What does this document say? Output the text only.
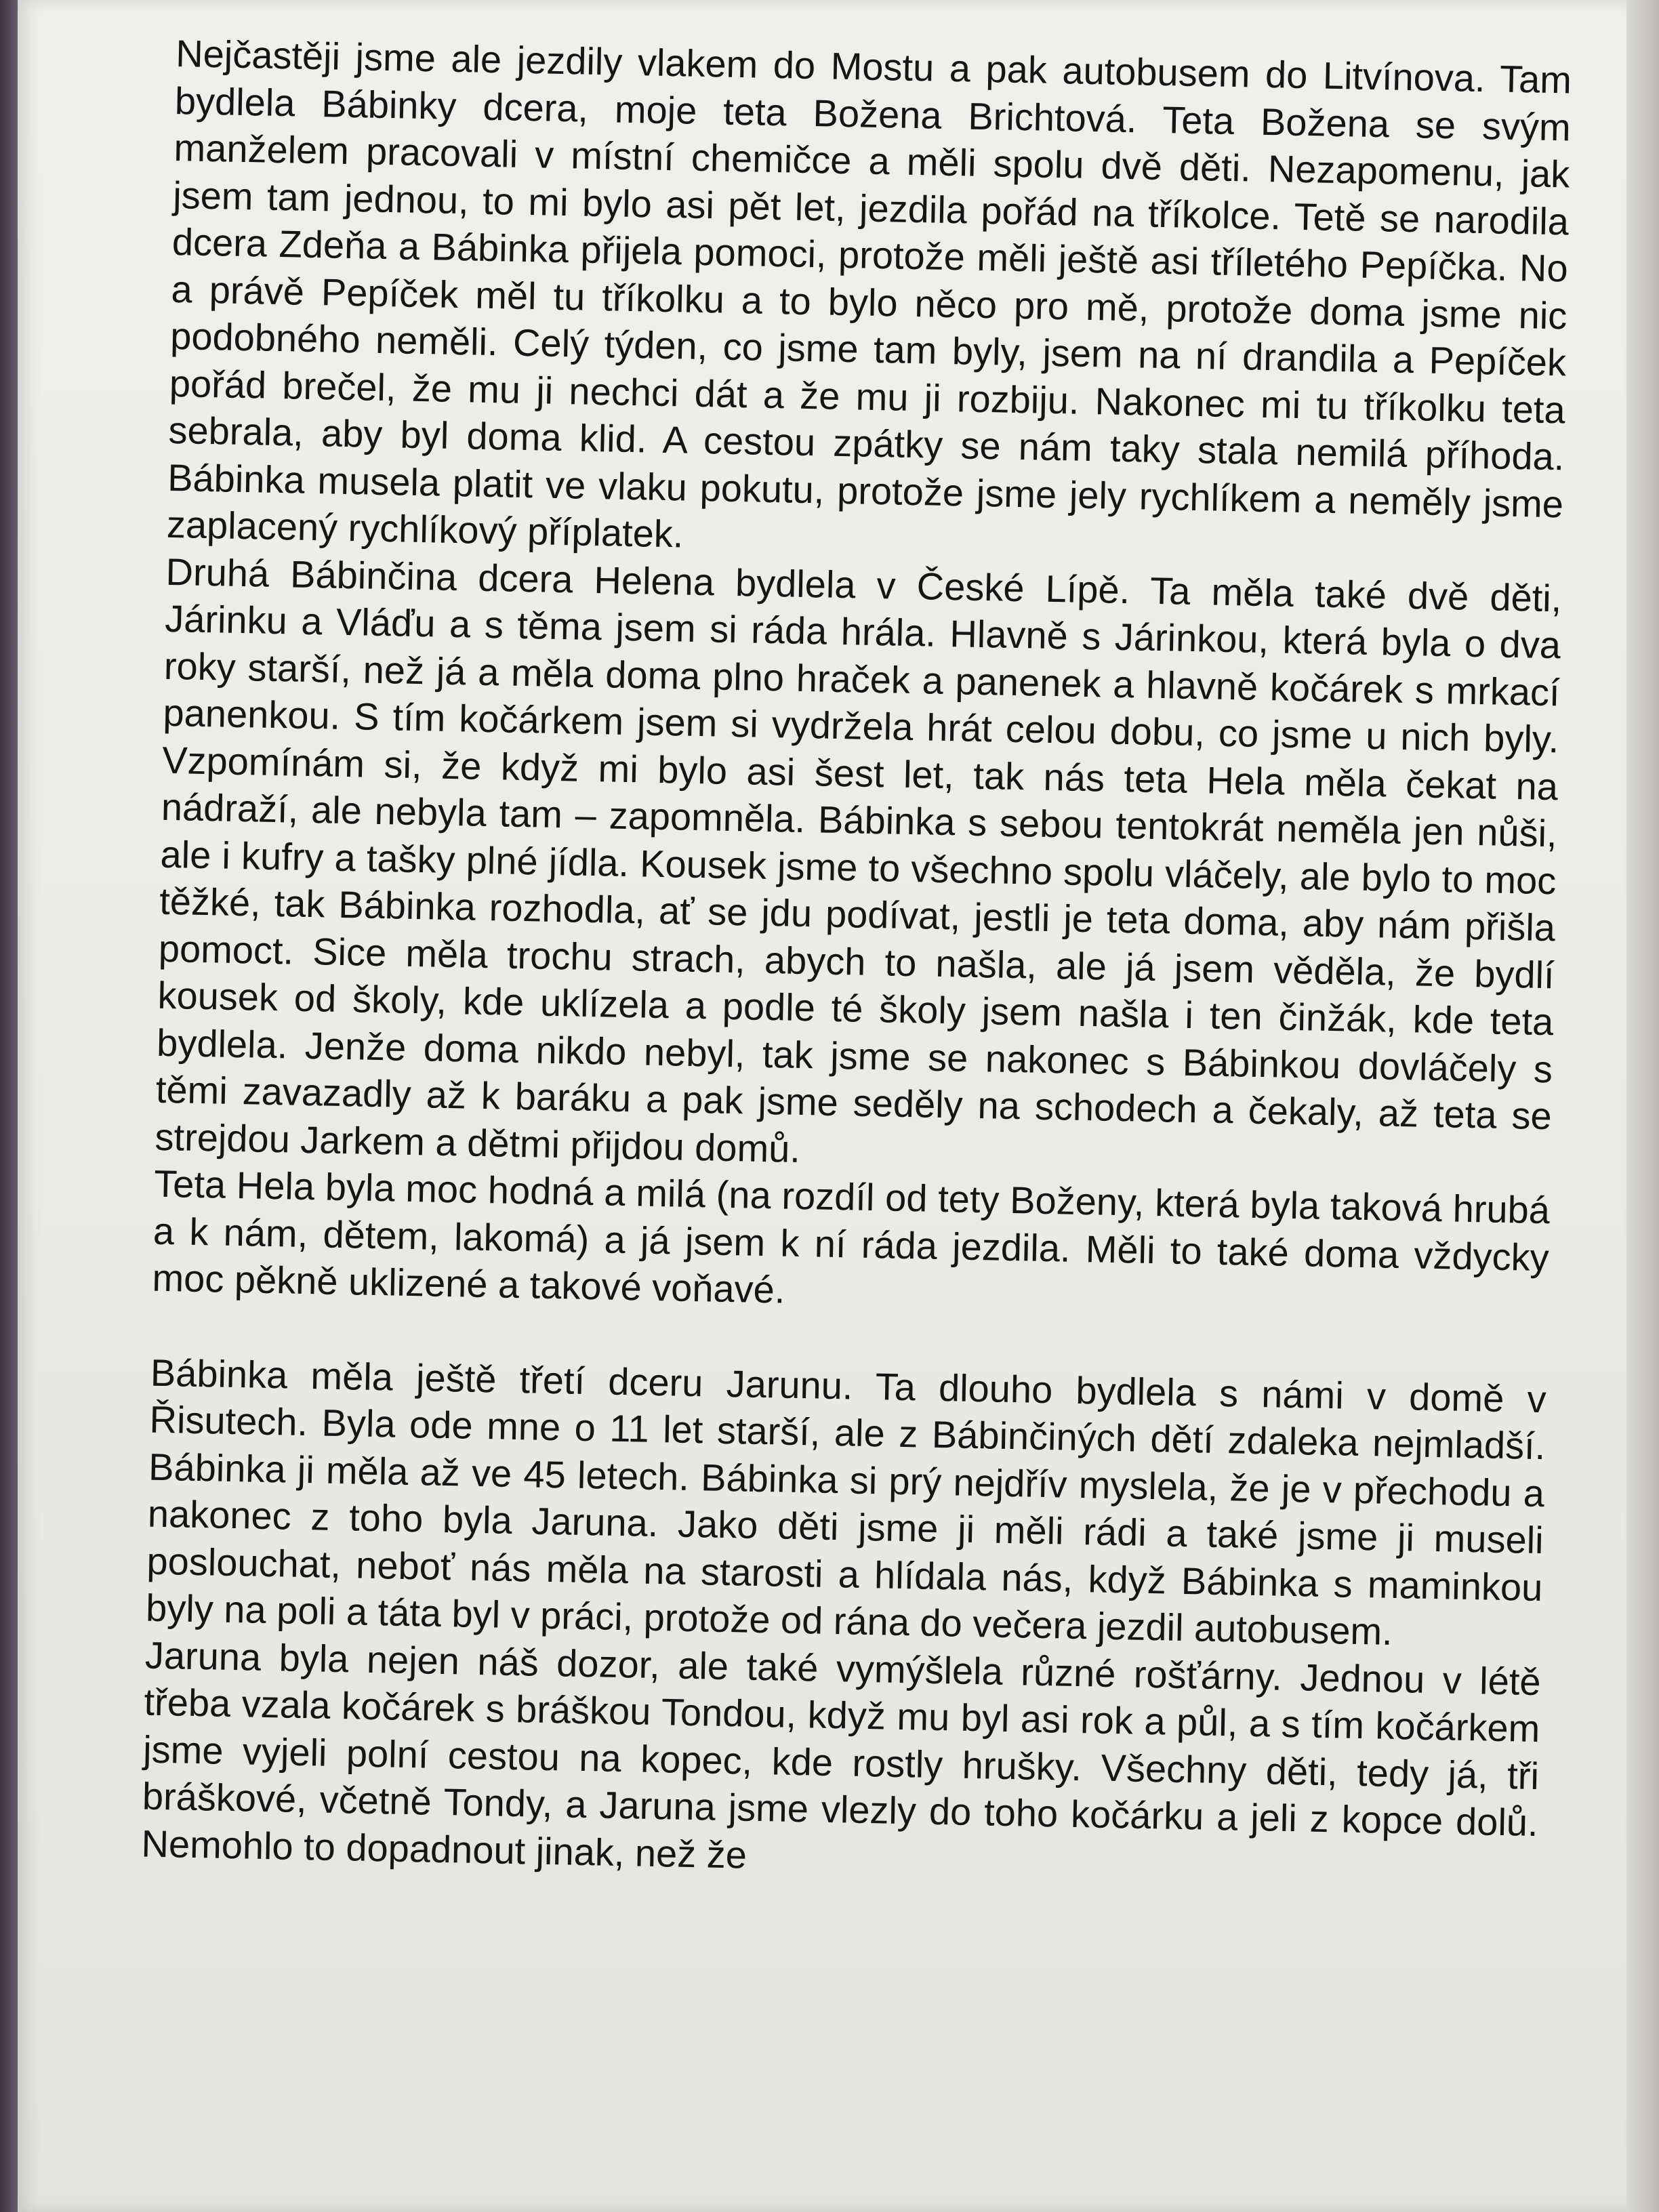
Nejčastěji jsme ale jezdily vlakem do Mostu a pak autobusem do Litvínova. Tam bydlela Bábinky dcera, moje teta Božena Brichtová. Teta Božena se svým manželem pracovali v místní chemičce a měli spolu dvě děti. Nezapomenu, jak jsem tam jednou, to mi bylo asi pět let, jezdila pořád na tříkolce. Tetě se narodila dcera Zdeňa a Bábinka přijela pomoci, protože měli ještě asi tříletého Pepíčka. No a právě Pepíček měl tu tříkolku a to bylo něco pro mě, protože doma jsme nic podobného neměli. Celý týden, co jsme tam byly, jsem na ní drandila a Pepíček pořád brečel, že mu ji nechci dát a že mu ji rozbiju. Nakonec mi tu tříkolku teta sebrala, aby byl doma klid. A cestou zpátky se nám taky stala nemilá příhoda. Bábinka musela platit ve vlaku pokutu, protože jsme jely rychlíkem a neměly jsme zaplacený rychlíkový příplatek.

Druhá Bábinčina dcera Helena bydlela v České Lípě. Ta měla také dvě děti, Járinku a Vláďu a s těma jsem si ráda hrála. Hlavně s Járinkou, která byla o dva roky starší, než já a měla doma plno hraček a panenek a hlavně kočárek s mrkací panenkou. S tím kočárkem jsem si vydržela hrát celou dobu, co jsme u nich byly. Vzpomínám si, že když mi bylo asi šest let, tak nás teta Hela měla čekat na nádraží, ale nebyla tam – zapomněla. Bábinka s sebou tentokrát neměla jen nůši, ale i kufry a tašky plné jídla. Kousek jsme to všechno spolu vláčely, ale bylo to moc těžké, tak Bábinka rozhodla, ať se jdu podívat, jestli je teta doma, aby nám přišla pomoct. Sice měla trochu strach, abych to našla, ale já jsem věděla, že bydlí kousek od školy, kde uklízela a podle té školy jsem našla i ten činžák, kde teta bydlela. Jenže doma nikdo nebyl, tak jsme se nakonec s Bábinkou dovláčely s těmi zavazadly až k baráku a pak jsme seděly na schodech a čekaly, až teta se strejdou Jarkem a dětmi přijdou domů.

Teta Hela byla moc hodná a milá (na rozdíl od tety Boženy, která byla taková hrubá a k nám, dětem, lakomá) a já jsem k ní ráda jezdila. Měli to také doma vždycky moc pěkně uklizené a takové voňavé.

Bábinka měla ještě třetí dceru Jarunu. Ta dlouho bydlela s námi v domě v Řisutech. Byla ode mne o 11 let starší, ale z Bábinčiných dětí zdaleka nejmladší. Bábinka ji měla až ve 45 letech. Bábinka si prý nejdřív myslela, že je v přechodu a nakonec z toho byla Jaruna. Jako děti jsme ji měli rádi a také jsme ji museli poslouchat, neboť nás měla na starosti a hlídala nás, když Bábinka s maminkou byly na poli a táta byl v práci, protože od rána do večera jezdil autobusem.

Jaruna byla nejen náš dozor, ale také vymýšlela různé rošťárny. Jednou v létě třeba vzala kočárek s bráškou Tondou, když mu byl asi rok a půl, a s tím kočárkem jsme vyjeli polní cestou na kopec, kde rostly hrušky. Všechny děti, tedy já, tři bráškové, včetně Tondy, a Jaruna jsme vlezly do toho kočárku a jeli z kopce dolů. Nemohlo to dopadnout jinak, než že
